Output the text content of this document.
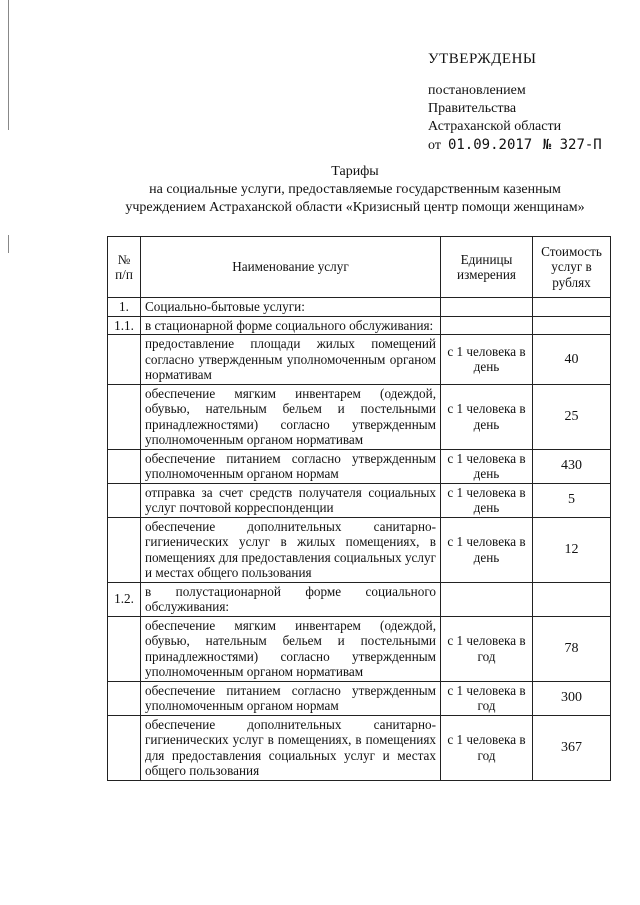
УТВЕРЖДЕНЫ
постановлением
Правительства
Астраханской области
от 01.09.2017 № 327-П
Тарифы
на социальные услуги, предоставляемые государственным казенным
учреждением Астраханской области «Кризисный центр помощи женщинам»
№ п/п	Наименование услуг	Единицы измерения	Стоимость услуг в рублях
1.	Социально-бытовые услуги:		
1.1.	в стационарной форме социального обслуживания:		
	предоставление площади жилых помещений согласно утвержденным уполномоченным органом нормативам	с 1 человека в день	40
	обеспечение мягким инвентарем (одеждой, обувью, нательным бельем и постельными принадлежностями) согласно утвержденным уполномоченным органом нормативам	с 1 человека в день	25
	обеспечение питанием согласно утвержденным уполномоченным органом нормам	с 1 человека в день	430
	отправка за счет средств получателя социальных услуг почтовой корреспонденции	с 1 человека в день	5
	обеспечение дополнительных санитарно-гигиенических услуг в жилых помещениях, в помещениях для предоставления социальных услуг и местах общего пользования	с 1 человека в день	12
1.2.	в полустационарной форме социального обслуживания:		
	обеспечение мягким инвентарем (одеждой, обувью, нательным бельем и постельными принадлежностями) согласно утвержденным уполномоченным органом нормативам	с 1 человека в год	78
	обеспечение питанием согласно утвержденным уполномоченным органом нормам	с 1 человека в год	300
	обеспечение дополнительных санитарно-гигиенических услуг в помещениях, в помещениях для предоставления социальных услуг и местах общего пользования	с 1 человека в год	367
